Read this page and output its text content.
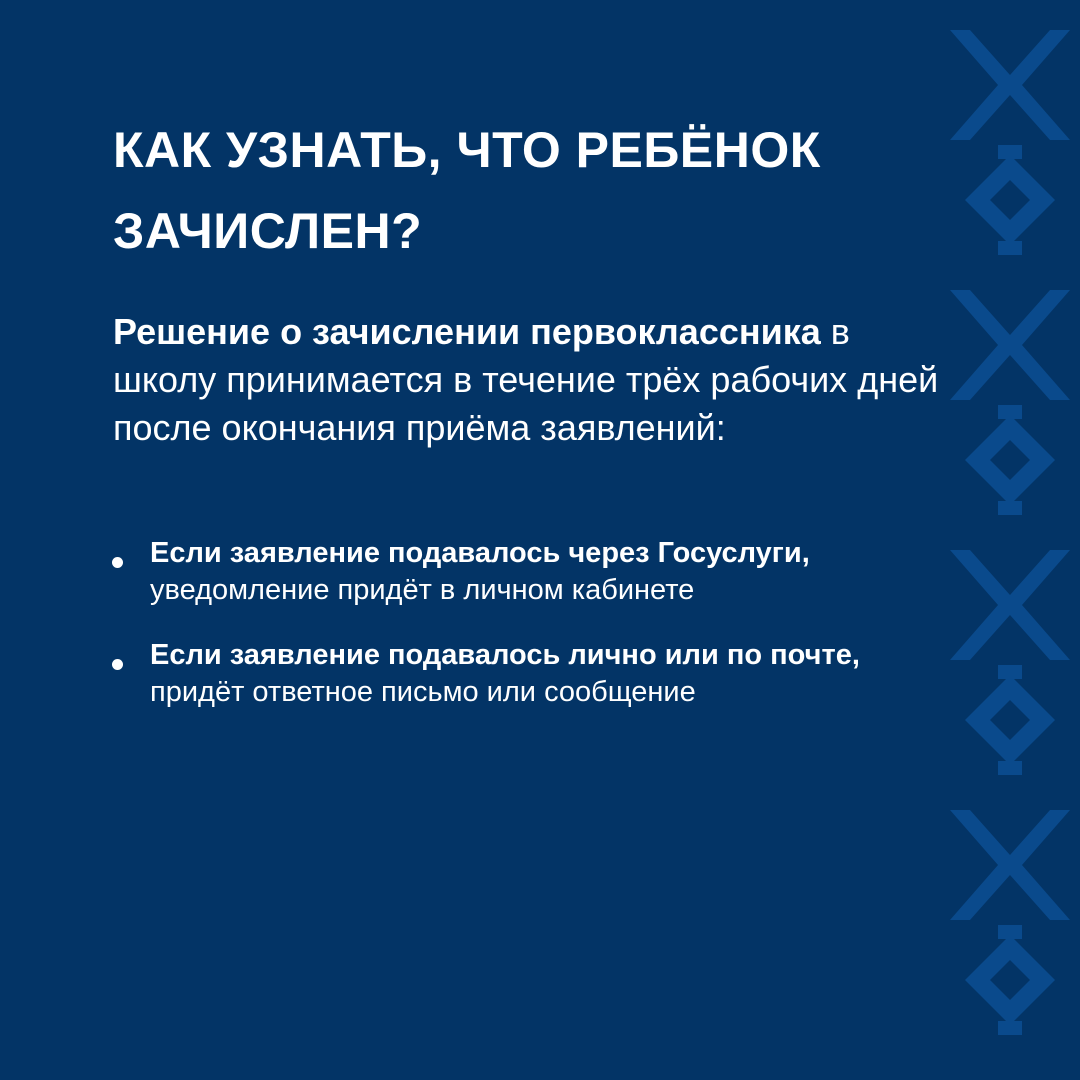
КАК УЗНАТЬ, ЧТО РЕБЁНОК ЗАЧИСЛЕН?

Решение о зачислении первоклассника в школу принимается в течение трёх рабочих дней после окончания приёма заявлений:

Если заявление подавалось через Госуслуги, уведомление придёт в личном кабинете

Если заявление подавалось лично или по почте, придёт ответное письмо или сообщение
